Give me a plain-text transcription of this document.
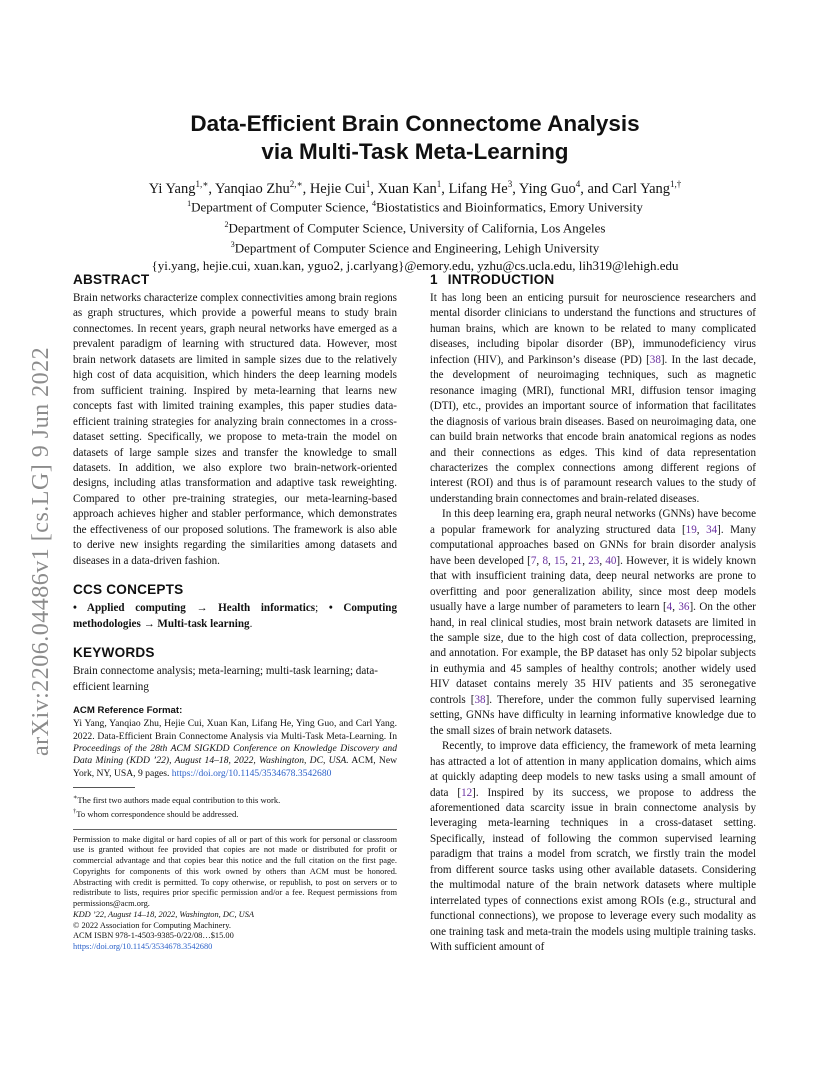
arXiv:2206.04486v1 [cs.LG] 9 Jun 2022
Data-Efficient Brain Connectome Analysis
via Multi-Task Meta-Learning
Yi Yang$^{1,∗}$, Yanqiao Zhu$^{2,∗}$, Hejie Cui$^1$, Xuan Kan$^1$, Lifang He$^3$, Ying Guo$^4$, and Carl Yang$^{1,\dagger}$
$^1$Department of Computer Science, $^4$Biostatistics and Bioinformatics, Emory University
$^2$Department of Computer Science, University of California, Los Angeles
$^3$Department of Computer Science and Engineering, Lehigh University
{yi.yang, hejie.cui, xuan.kan, yguo2, j.carlyang}@emory.edu, yzhu@cs.ucla.edu, lih319@lehigh.edu
ABSTRACT

Brain networks characterize complex connectivities among brain regions as graph structures, which provide a powerful means to study brain connectomes. In recent years, graph neural networks have emerged as a prevalent paradigm of learning with structured data. However, most brain network datasets are limited in sample sizes due to the relatively high cost of data acquisition, which hinders the deep learning models from sufficient training. Inspired by meta-learning that learns new concepts fast with limited training examples, this paper studies data-efficient training strategies for analyzing brain connectomes in a cross-dataset setting. Specifically, we propose to meta-train the model on datasets of large sample sizes and transfer the knowledge to small datasets. In addition, we also explore two brain-network-oriented designs, including atlas transformation and adaptive task reweighting. Compared to other pre-training strategies, our meta-learning-based approach achieves higher and stabler performance, which demonstrates the effectiveness of our proposed solutions. The framework is also able to derive new insights regarding the similarities among datasets and diseases in a data-driven fashion.

CCS CONCEPTS

• Applied computing → Health informatics; • Computing methodologies → Multi-task learning.

KEYWORDS

Brain connectome analysis; meta-learning; multi-task learning; data-efficient learning

ACM Reference Format:

Yi Yang, Yanqiao Zhu, Hejie Cui, Xuan Kan, Lifang He, Ying Guo, and Carl Yang. 2022. Data-Efficient Brain Connectome Analysis via Multi-Task Meta-Learning. In Proceedings of the 28th ACM SIGKDD Conference on Knowledge Discovery and Data Mining (KDD ’22), August 14–18, 2022, Washington, DC, USA. ACM, New York, NY, USA, 9 pages. https://doi.org/10.1145/3534678.3542680

∗The first two authors made equal contribution to this work.
†To whom correspondence should be addressed.

Permission to make digital or hard copies of all or part of this work for personal or classroom use is granted without fee provided that copies are not made or distributed for profit or commercial advantage and that copies bear this notice and the full citation on the first page. Copyrights for components of this work owned by others than ACM must be honored. Abstracting with credit is permitted. To copy otherwise, or republish, to post on servers or to redistribute to lists, requires prior specific permission and/or a fee. Request permissions from permissions@acm.org.

KDD ’22, August 14–18, 2022, Washington, DC, USA
© 2022 Association for Computing Machinery.
ACM ISBN 978-1-4503-9385-0/22/08…$15.00
https://doi.org/10.1145/3534678.3542680
1 INTRODUCTION

It has long been an enticing pursuit for neuroscience researchers and mental disorder clinicians to understand the functions and structures of human brains, which are known to be related to many complicated diseases, including bipolar disorder (BP), immunodeficiency virus infection (HIV), and Parkinson’s disease (PD) [38]. In the last decade, the development of neuroimaging techniques, such as magnetic resonance imaging (MRI), functional MRI, diffusion tensor imaging (DTI), etc., provides an important source of information that facilitates the diagnosis of various brain diseases. Based on neuroimaging data, one can build brain networks that encode brain anatomical regions as nodes and their connections as edges. This kind of data representation characterizes the complex connections among different regions of interest (ROI) and thus is of paramount research values to the study of understanding brain connectomes and brain-related diseases.

In this deep learning era, graph neural networks (GNNs) have become a popular framework for analyzing structured data [19, 34]. Many computational approaches based on GNNs for brain disorder analysis have been developed [7, 8, 15, 21, 23, 40]. However, it is widely known that with insufficient training data, deep neural networks are prone to overfitting and poor generalization ability, since most deep models usually have a large number of parameters to learn [4, 36]. On the other hand, in real clinical studies, most brain network datasets are limited in the sample size, due to the high cost of data collection, preprocessing, and annotation. For example, the BP dataset has only 52 bipolar subjects in euthymia and 45 samples of healthy controls; another widely used HIV dataset contains merely 35 HIV patients and 35 seronegative controls [38]. Therefore, under the common fully supervised learning setting, GNNs have difficulty in learning informative knowledge due to the small sizes of brain network datasets.

Recently, to improve data efficiency, the framework of meta learning has attracted a lot of attention in many application domains, which aims at quickly adapting deep models to new tasks using a small amount of data [12]. Inspired by its success, we propose to address the aforementioned data scarcity issue in brain connectome analysis by leveraging meta-learning techniques in a cross-dataset setting. Specifically, instead of following the common supervised learning paradigm that trains a model from scratch, we firstly train the model from different source tasks using other available datasets. Considering the multimodal nature of the brain network datasets where multiple interrelated types of connections exist among ROIs (e.g., structural and functional connections), we propose to leverage every such modality as one training task and meta-train the models using multiple training tasks. With sufficient amount of
